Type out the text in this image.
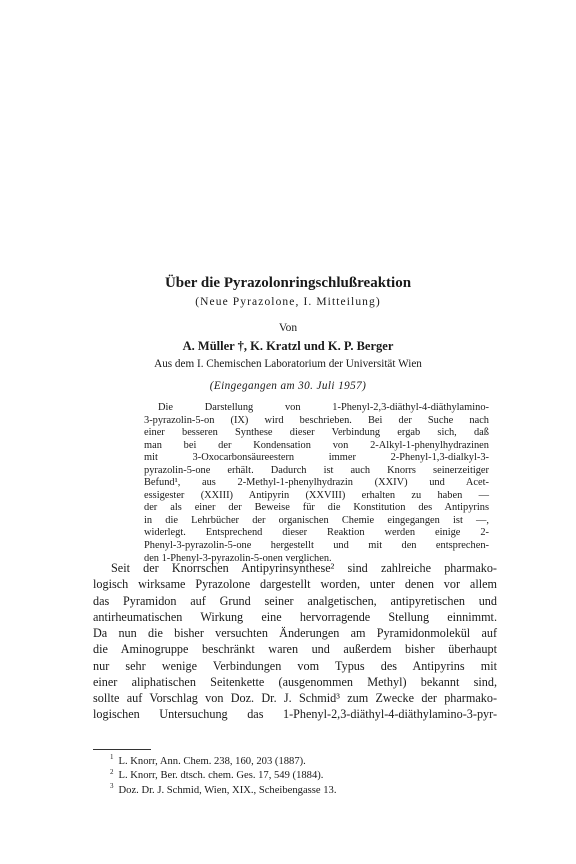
Über die Pyrazolonringschlußreaktion
(Neue Pyrazolone, I. Mitteilung)
Von
A. Müller †, K. Kratzl und K. P. Berger
Aus dem I. Chemischen Laboratorium der Universität Wien
(Eingegangen am 30. Juli 1957)
Die Darstellung von 1-Phenyl-2,3-diäthyl-4-diäthylamino-
3-pyrazolin-5-on (IX) wird beschrieben. Bei der Suche nach
einer besseren Synthese dieser Verbindung ergab sich, daß
man bei der Kondensation von 2-Alkyl-1-phenylhydrazinen
mit 3-Oxocarbonsäureestern immer 2-Phenyl-1,3-dialkyl-3-
pyrazolin-5-one erhält. Dadurch ist auch Knorrs seinerzeitiger
Befund¹, aus 2-Methyl-1-phenylhydrazin (XXIV) und Acet-
essigester (XXIII) Antipyrin (XXVIII) erhalten zu haben —
der als einer der Beweise für die Konstitution des Antipyrins
in die Lehrbücher der organischen Chemie eingegangen ist —,
widerlegt. Entsprechend dieser Reaktion werden einige 2-
Phenyl-3-pyrazolin-5-one hergestellt und mit den entsprechen-
den 1-Phenyl-3-pyrazolin-5-onen verglichen.
Seit der Knorrschen Antipyrinsynthese² sind zahlreiche pharmako-
logisch wirksame Pyrazolone dargestellt worden, unter denen vor allem
das Pyramidon auf Grund seiner analgetischen, antipyretischen und
antirheumatischen Wirkung eine hervorragende Stellung einnimmt.
Da nun die bisher versuchten Änderungen am Pyramidonmolekül auf
die Aminogruppe beschränkt waren und außerdem bisher überhaupt
nur sehr wenige Verbindungen vom Typus des Antipyrins mit
einer aliphatischen Seitenkette (ausgenommen Methyl) bekannt sind,
sollte auf Vorschlag von Doz. Dr. J. Schmid³ zum Zwecke der pharmako-
logischen Untersuchung das 1-Phenyl-2,3-diäthyl-4-diäthylamino-3-pyr-
$^1$ L. Knorr, Ann. Chem. 238, 160, 203 (1887).
$^2$ L. Knorr, Ber. dtsch. chem. Ges. 17, 549 (1884).
$^3$ Doz. Dr. J. Schmid, Wien, XIX., Scheibengasse 13.
